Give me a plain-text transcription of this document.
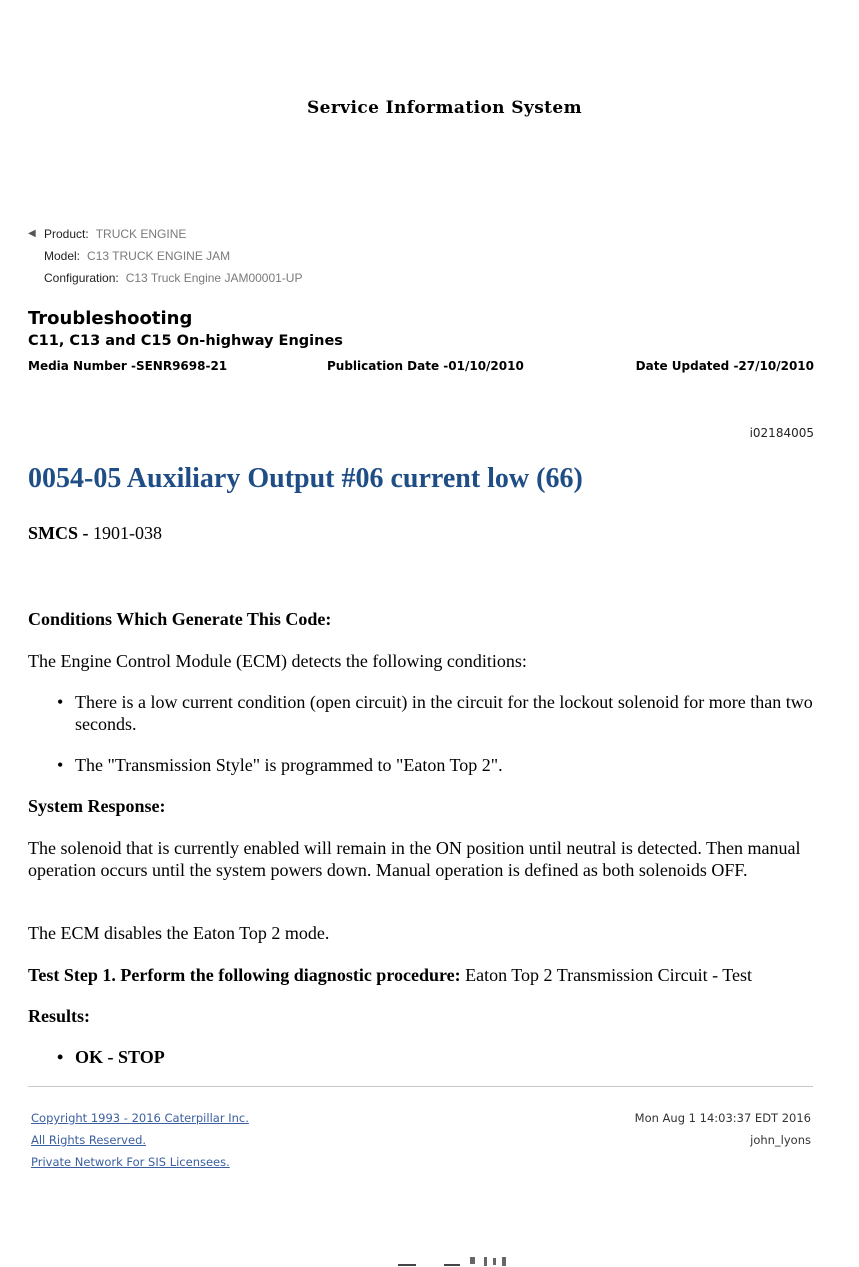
Service Information System
◀ Product: TRUCK ENGINE
Model: C13 TRUCK ENGINE JAM
Configuration: C13 Truck Engine JAM00001-UP
Troubleshooting
C11, C13 and C15 On-highway Engines
Media Number -SENR9698-21	Publication Date -01/10/2010	Date Updated -27/10/2010
i02184005
0054-05 Auxiliary Output #06 current low (66)
SMCS - 1901-038
Conditions Which Generate This Code:
The Engine Control Module (ECM) detects the following conditions:
• There is a low current condition (open circuit) in the circuit for the lockout solenoid for more than two seconds.
• The "Transmission Style" is programmed to "Eaton Top 2".
System Response:
The solenoid that is currently enabled will remain in the ON position until neutral is detected. Then manual operation occurs until the system powers down. Manual operation is defined as both solenoids OFF.
The ECM disables the Eaton Top 2 mode.
Test Step 1. Perform the following diagnostic procedure: Eaton Top 2 Transmission Circuit - Test
Results:
• OK - STOP
Copyright 1993 - 2016 Caterpillar Inc.
All Rights Reserved.
Private Network For SIS Licensees.
Mon Aug 1 14:03:37 EDT 2016
john_lyons
